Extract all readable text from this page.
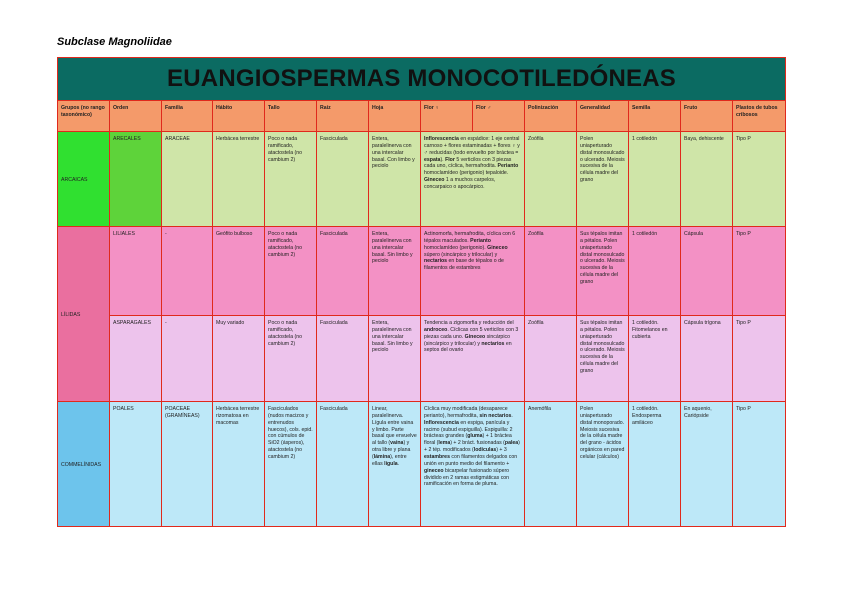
Subclase Magnoliidae
EUANGIOSPERMAS MONOCOTILEDÓNEAS													
Grupos (no rango taxonómico)	Orden	Familia	Hábito	Tallo	Raíz	Hoja	Flor ♀	Flor ♂	Polinización	Generalidad	Semilla	Fruto	Plastos de tubos cribosos
ARCAICAS	ARECALES	ARACEAE	Herbácea terrestre	Poco o nada ramificado, atactostela (no cambium 2)	Fasciculada	Entera, paralelinerva con una intercalar basal. Con limbo y peciolo	Inflorescencia en espádice: 1 eje central carnoso + flores estaminadas + flores ♀ y ♂ reducidas (todo envuelto por bráctea = espata). Flor 5 verticilos con 3 piezas cada uno, cíclica, hermafrodita. Perianto homoclamídeo (perigonio) tepaloide. Gineceo 1 a muchos carpelos, concarpaico o apocárpico.		Zoófila	Polen uniaperturado distal monosulcado o ulcerado. Meiosis sucesiva de la célula madre del grano	1 cotiledón	Baya, dehiscente	Tipo P
LÍLIDAS	LILIALES	-	Geófito bulboso	Poco o nada ramificado, atactostela (no cambium 2)	Fasciculada	Entera, paralelinerva con una intercalar basal. Sin limbo y peciolo	Actinomorfa, hermafrodita, cíclica con 6 tépalos maculados. Perianto homoclamídeo (perigonio). Gineceo súpero (sincárpico y trilocular) y nectarios en base de tépalos o de filamentos de estambres		Zoófila	Sus tépalos imitan a pétalos. Polen uniaperturado distal monosulcado o ulcerado. Meiosis sucesiva de la célula madre del grano	1 cotiledón	Cápsula	Tipo P
	ASPARAGALES	-	Muy variado	Poco o nada ramificado, atactostela (no cambium 2)	Fasciculada	Entera, paralelinerva con una intercalar basal. Sin limbo y peciolo	Tendencia a zigomorfia y reducción del androceo. Cíclicas con 5 verticilos con 3 piezas cada uno. Gineceo sincárpico (sincárpico y trilocular) y nectarios en septos del ovario		Zoófila	Sus tépalos imitan a pétalos. Polen uniaperturado distal monosulcado o ulcerado. Meiosis sucesiva de la célula madre del grano	1 cotiledón. Fitomelanos en cubierta	Cápsula trígona	Tipo P
COMMELÍNIDAS	POALES	POACEAE (GRAMÍNEAS)	Herbácea terrestre rizomatosa en macomas	Fasciculados (nudos macizos y entrenudos huecos), cols. epid. con cúmulos de SiO2 (ásperos), atactostela (no cambium 2)	Fasciculada	Linear, paralelinerva. Lígula entre vaina y limbo. Parte basal que envuelve al tallo (vaina) y otra libre y plana (lámina), entre ellas lígula.	Cíclica muy modificada (desaparece perianto), hermafrodita, sin nectarios. Inflorescencia en espiga, panícula y racimo (subud espiguilla). Espiguilla: 2 brácteas grandes (gluma) + 1 bráctea floral (lema) + 2 bráct. fusionadas (palea) + 2 tép. modificados (lodículas) + 3 estambres con filamentos delgados con unión en punto medio del filamento + gineceo bicarpelar fusionado súpero dividido en 2 ramas estigmáticas con ramificación en forma de pluma.		Anemófila	Polen uniaperturado distal monoporado. Meiosis sucesiva de la célula madre del grano - ácidos orgánicos en pared celular (cálculos)	1 cotiledón. Endosperma amiláceo	En aquenio, Cariópside	Tipo P
